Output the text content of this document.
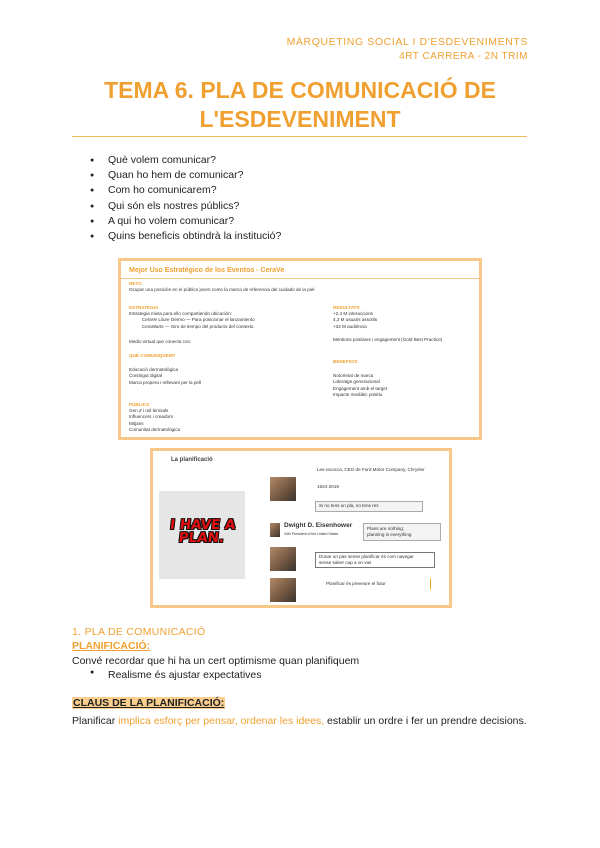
MÀRQUETING SOCIAL I D'ESDEVENIMENTS
4RT CARRERA - 2N TRIM
TEMA 6. PLA DE COMUNICACIÓ DE
L'ESDEVENIMENT
● Què volem comunicar?
● Quan ho hem de comunicar?
● Com ho comunicarem?
● Qui són els nostres públics?
● A qui ho volem comunicar?
● Quins beneficis obtindrà la institució?
Mejor Uso Estratégico de los Eventos - CeraVe
RETO
Ocupar una posición en el público joven como la marca de referencia del cuidado de la piel
ESTRATEGIA
Estrategia mixta para ello compartiendo ubicación:
CeraVe Lliure Dermo — Para posicionar el lanzamiento
CeraWarts — Giro de tiempo del producto del contexto
Medio virtual que conecta con.
QUÉ COMUNIQUEM?
Educació dermatològica
Contingut digital
Marca propera i rellevant per la pell
PÚBLICS
Gen Z i mil·lennials
Influencers i creadors
Mitjans
Comunitat dermatològica
RESULTATS
+2,4 M interaccions
4,3 M usuaris assolits
+32 M audiència
Mentions positives i engagement (Gold Best Practice)
BENEFICIS
Notorietat de marca
Lideratge generacional
Engagement amb el target
Impacte mediàtic positiu
La planificació
I HAVE A PLAN.
Lee Iacocca, CEO de Ford Motor Company, Chrysler
1924-2019
Si no tens un pla, no tens res
Dwight D. Eisenhower
34th President of the United States
Plans are nothing;
planning is everything
Donar un pas sense planificar és com navegar
sense saber cap a on vas
Planificar és preveure el futur
1. PLA DE COMUNICACIÓ
PLANIFICACIÓ:
Convé recordar que hi ha un cert optimisme quan planifiquem
● Realisme és ajustar expectatives
CLAUS DE LA PLANIFICACIÓ:
Planificar implica esforç per pensar, ordenar les idees, establir un ordre i fer un prendre decisions.
